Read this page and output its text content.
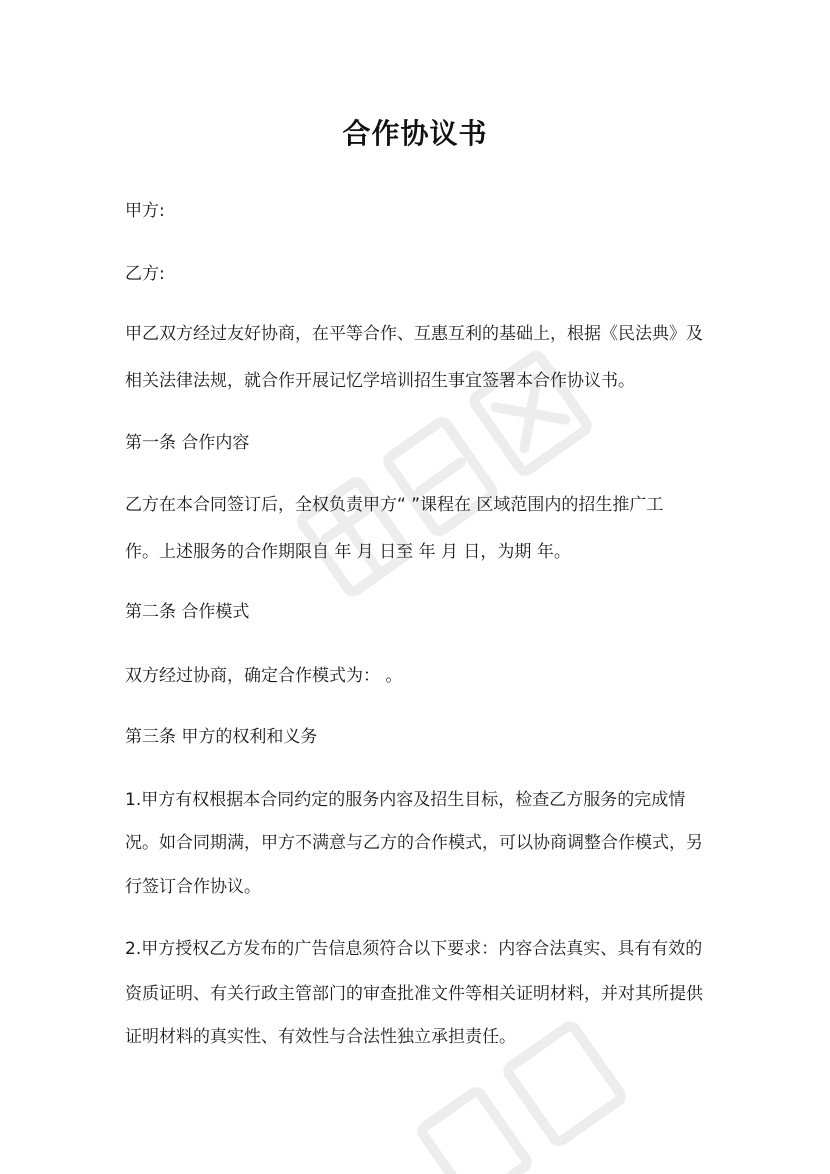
合作协议书
甲方:
乙方:
甲乙双方经过友好协商，在平等合作、互惠互利的基础上，根据《民法典》及
相关法律法规，就合作开展记忆学培训招生事宜签署本合作协议书。
第一条 合作内容
乙方在本合同签订后，全权负责甲方“ ”课程在 区域范围内的招生推广工
作。上述服务的合作期限自 年 月 日至 年 月 日，为期 年。
第二条 合作模式
双方经过协商，确定合作模式为： 。
第三条 甲方的权利和义务
1.甲方有权根据本合同约定的服务内容及招生目标，检查乙方服务的完成情
况。如合同期满，甲方不满意与乙方的合作模式，可以协商调整合作模式，另
行签订合作协议。
2.甲方授权乙方发布的广告信息须符合以下要求：内容合法真实、具有有效的
资质证明、有关行政主管部门的审查批准文件等相关证明材料，并对其所提供
证明材料的真实性、有效性与合法性独立承担责任。
